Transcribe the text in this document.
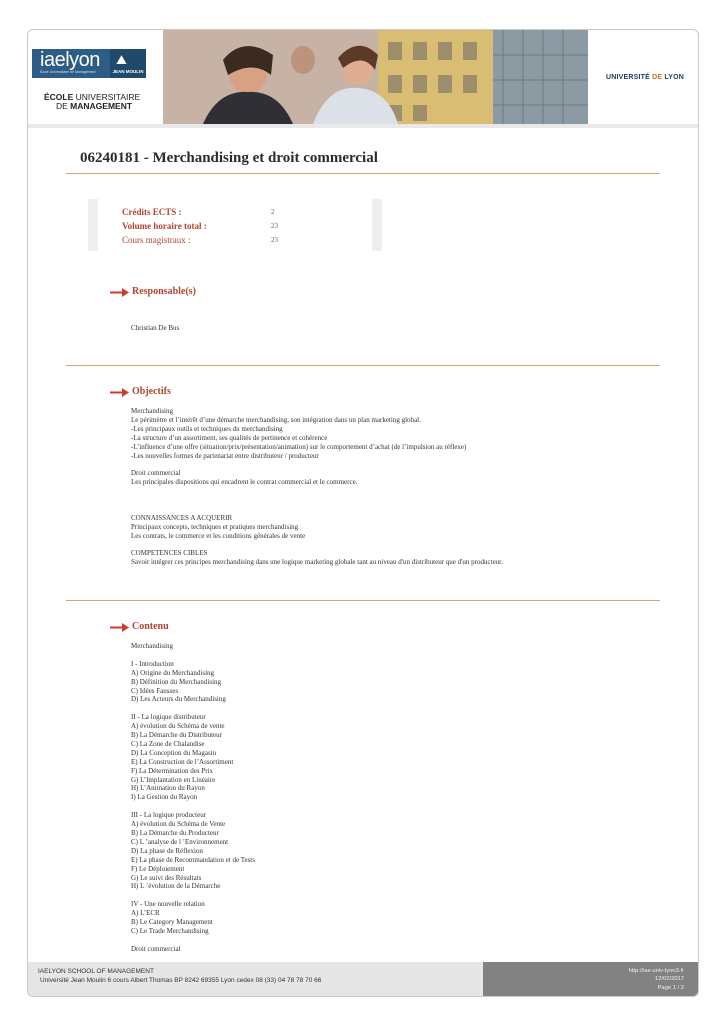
iaelyon
École Universitaire de Management
⛰
JEAN MOULIN
ÉCOLE UNIVERSITAIRE
DE MANAGEMENT
UNIVERSITÉ DE LYON
06240181 - Merchandising et droit commercial
Crédits ECTS :	2
Volume horaire total :	23
Cours magistraux :	23
Responsable(s)
Christian De Bus
Objectifs
Merchandising
Le périmètre et l’intérêt d’une démarche merchandising, son intégration dans un plan marketing global.
-Les principaux outils et techniques du merchandising
-La structure d’un assortiment, ses qualités de pertinence et cohérence
-L’influence d’une offre (situation/prix/présentation/animation) sur le comportement d’achat (de l’impulsion au réflexe)
-Les nouvelles formes de partenariat entre distributeur / producteur
Droit commercial
Les principales dispositions qui encadrent le contrat commercial et le commerce.
CONNAISSANCES A ACQUERIR
Principaux concepts, techniques et pratiques merchandising
Les contrats, le commerce et les conditions générales de vente
COMPETENCES CIBLES
Savoir intégrer ces principes merchandising dans une logique marketing globale tant au niveau d'un distributeur que d'un producteur.
Contenu
Merchandising
I - Introduction
A) Origine du Merchandising
B) Définition du Merchandising
C) Idées Fausses
D) Les Acteurs du Merchandising
II - La logique distributeur
A) évolution du Schéma de vente
B) La Démarche du Distributeur
C) La Zone de Chalandise
D) La Conception du Magasin
E) La Construction de l’Assortiment
F) La Détermination des Prix
G) L’Implantation en Linéaire
H) L’Animation du Rayon
I) La Gestion du Rayon
III - La logique producteur
A) évolution du Schéma de Vente
B) La Démarche du Producteur
C) L ’analyse de l ’Environnement
D) La phase de Réflexion
E) La phase de Recommandation et de Tests
F) Le Déploiement
G) Le suivi des Résultats
H) L ’évolution de la Démarche
IV - Une nouvelle relation
A) L’ECR
B) Le Category Management
C) Le Trade Merchandising
Droit commercial
IAELYON SCHOOL OF MANAGEMENT
Université Jean Moulin 6 cours Albert Thomas BP 8242 69355 Lyon cedex 08 (33) 04 78 78 70 66
http://iae.univ-lyon3.fr
12/02/2017
Page 1 / 2
